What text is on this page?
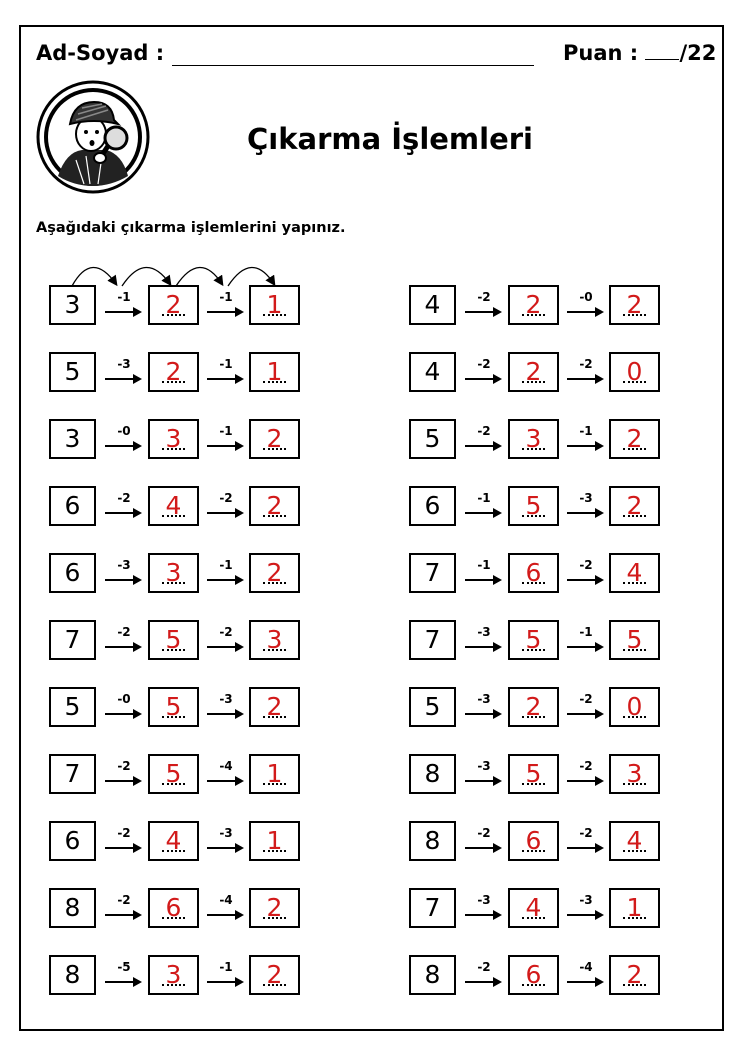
Ad-Soyad :	Puan : /22
Çıkarma İşlemleri
Aşağıdaki çıkarma işlemlerini yapınız.
3	-1	2	-1	1
5	-3	2	-1	1
3	-0	3	-1	2
6	-2	4	-2	2
6	-3	3	-1	2
7	-2	5	-2	3
5	-0	5	-3	2
7	-2	5	-4	1
6	-2	4	-3	1
8	-2	6	-4	2
8	-5	3	-1	2
4	-2	2	-0	2
4	-2	2	-2	0
5	-2	3	-1	2
6	-1	5	-3	2
7	-1	6	-2	4
7	-3	5	-1	5
5	-3	2	-2	0
8	-3	5	-2	3
8	-2	6	-2	4
7	-3	4	-3	1
8	-2	6	-4	2
